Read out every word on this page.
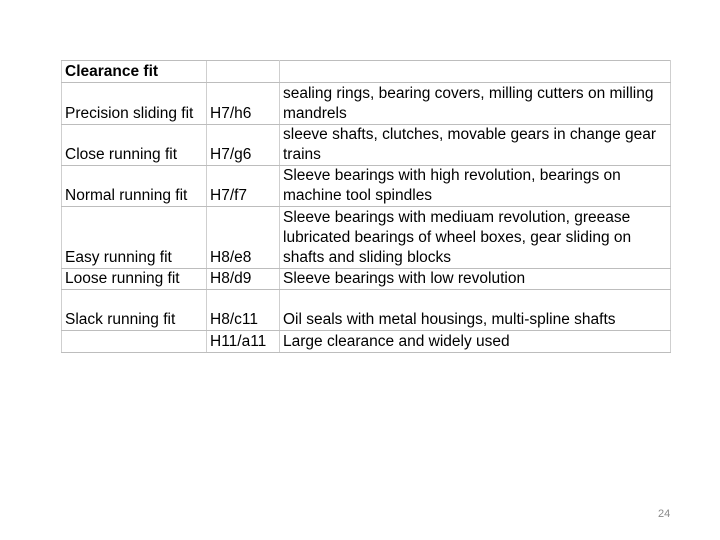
Clearance fit		
Precision sliding fit	H7/h6	sealing rings, bearing covers, milling cutters on milling mandrels
Close running fit	H7/g6	sleeve shafts, clutches, movable gears in change gear trains
Normal running fit	H7/f7	Sleeve bearings with high revolution, bearings on machine tool spindles
Easy running fit	H8/e8	Sleeve bearings with mediuam revolution, greease lubricated bearings of wheel boxes, gear sliding on shafts and sliding blocks
Loose running fit	H8/d9	Sleeve bearings with low revolution
Slack running fit	H8/c11	Oil seals with metal housings, multi-spline shafts
	H11/a11	Large clearance and widely used
24
